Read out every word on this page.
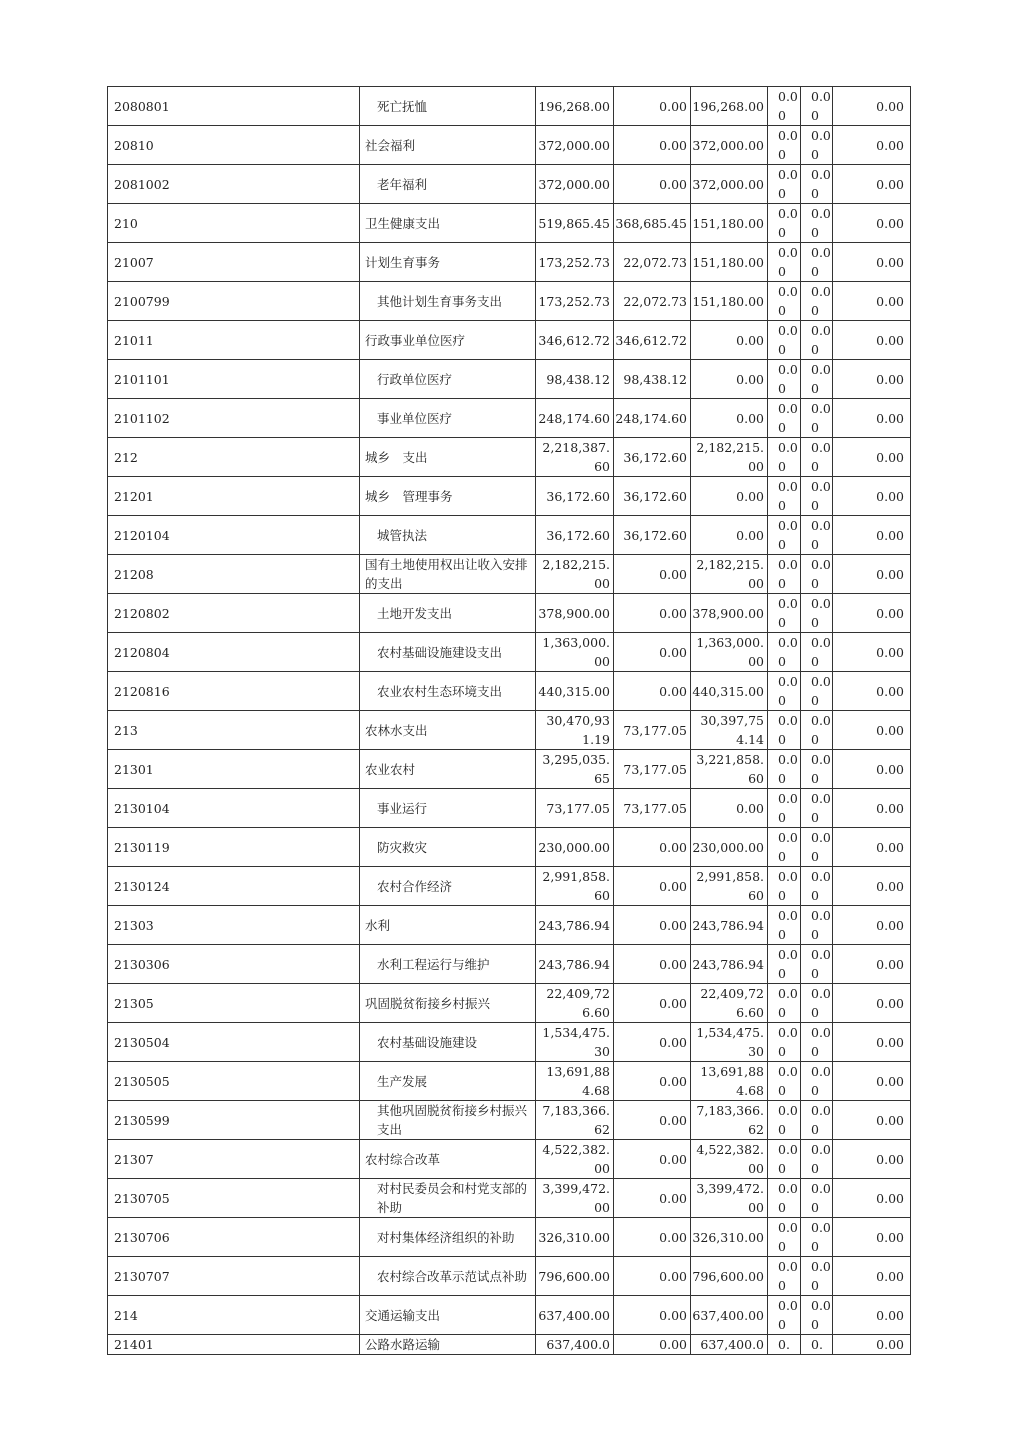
2080801	死亡抚恤	196,268.00	0.00	196,268.00	0.00	0.00	0.00
20810	社会福利	372,000.00	0.00	372,000.00	0.00	0.00	0.00
2081002	老年福利	372,000.00	0.00	372,000.00	0.00	0.00	0.00
210	卫生健康支出	519,865.45	368,685.45	151,180.00	0.00	0.00	0.00
21007	计划生育事务	173,252.73	22,072.73	151,180.00	0.00	0.00	0.00
2100799	其他计划生育事务支出	173,252.73	22,072.73	151,180.00	0.00	0.00	0.00
21011	行政事业单位医疗	346,612.72	346,612.72	0.00	0.00	0.00	0.00
2101101	行政单位医疗	98,438.12	98,438.12	0.00	0.00	0.00	0.00
2101102	事业单位医疗	248,174.60	248,174.60	0.00	0.00	0.00	0.00
212	城乡　支出	2,218,387.60	36,172.60	2,182,215.00	0.00	0.00	0.00
21201	城乡　管理事务	36,172.60	36,172.60	0.00	0.00	0.00	0.00
2120104	城管执法	36,172.60	36,172.60	0.00	0.00	0.00	0.00
21208	国有土地使用权出让收入安排的支出	2,182,215.00	0.00	2,182,215.00	0.00	0.00	0.00
2120802	土地开发支出	378,900.00	0.00	378,900.00	0.00	0.00	0.00
2120804	农村基础设施建设支出	1,363,000.00	0.00	1,363,000.00	0.00	0.00	0.00
2120816	农业农村生态环境支出	440,315.00	0.00	440,315.00	0.00	0.00	0.00
213	农林水支出	30,470,931.19	73,177.05	30,397,754.14	0.00	0.00	0.00
21301	农业农村	3,295,035.65	73,177.05	3,221,858.60	0.00	0.00	0.00
2130104	事业运行	73,177.05	73,177.05	0.00	0.00	0.00	0.00
2130119	防灾救灾	230,000.00	0.00	230,000.00	0.00	0.00	0.00
2130124	农村合作经济	2,991,858.60	0.00	2,991,858.60	0.00	0.00	0.00
21303	水利	243,786.94	0.00	243,786.94	0.00	0.00	0.00
2130306	水利工程运行与维护	243,786.94	0.00	243,786.94	0.00	0.00	0.00
21305	巩固脱贫衔接乡村振兴	22,409,726.60	0.00	22,409,726.60	0.00	0.00	0.00
2130504	农村基础设施建设	1,534,475.30	0.00	1,534,475.30	0.00	0.00	0.00
2130505	生产发展	13,691,884.68	0.00	13,691,884.68	0.00	0.00	0.00
2130599	其他巩固脱贫衔接乡村振兴支出	7,183,366.62	0.00	7,183,366.62	0.00	0.00	0.00
21307	农村综合改革	4,522,382.00	0.00	4,522,382.00	0.00	0.00	0.00
2130705	对村民委员会和村党支部的补助	3,399,472.00	0.00	3,399,472.00	0.00	0.00	0.00
2130706	对村集体经济组织的补助	326,310.00	0.00	326,310.00	0.00	0.00	0.00
2130707	农村综合改革示范试点补助	796,600.00	0.00	796,600.00	0.00	0.00	0.00
214	交通运输支出	637,400.00	0.00	637,400.00	0.00	0.00	0.00
21401	公路水路运输	637,400.0	0.00	637,400.0	0.	0.	0.00
